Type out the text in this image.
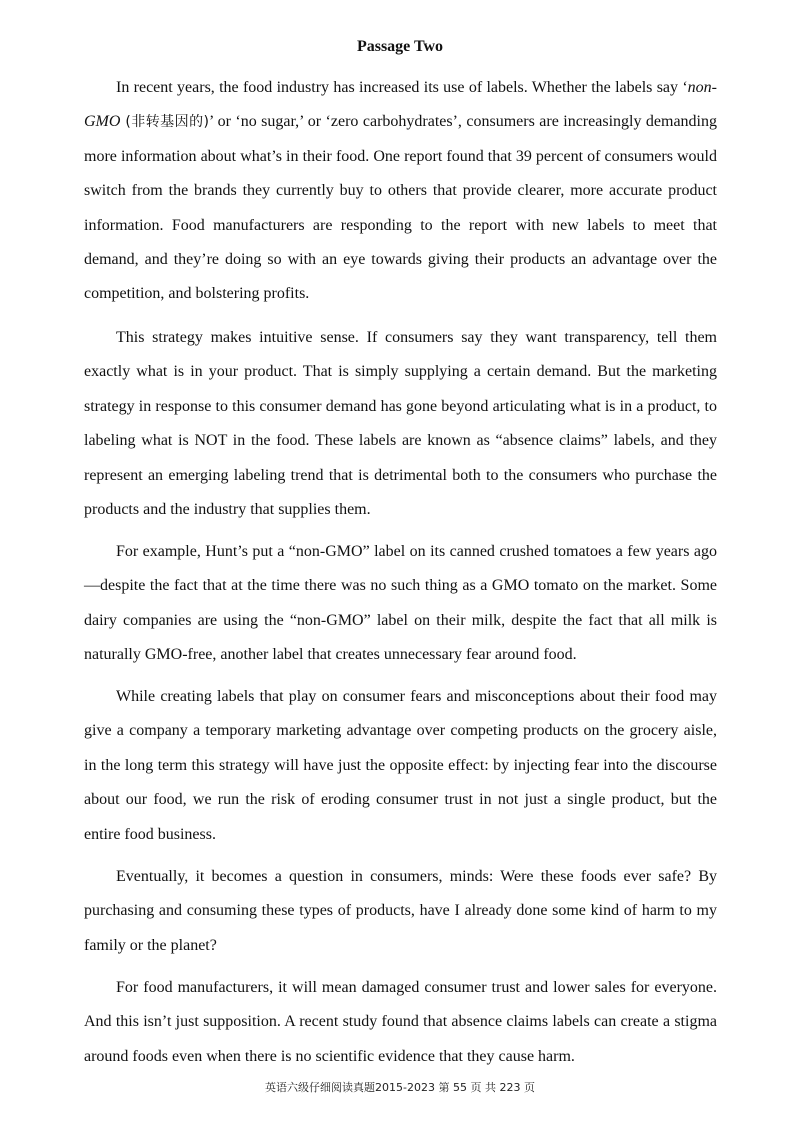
Passage Two

In recent years, the food industry has increased its use of labels. Whether the labels say ‘non-GMO (非转基因的)’ or ‘no sugar,’ or ‘zero carbohydrates’, consumers are increasingly demanding more information about what’s in their food. One report found that 39 percent of consumers would switch from the brands they currently buy to others that provide clearer, more accurate product information. Food manufacturers are responding to the report with new labels to meet that demand, and they’re doing so with an eye towards giving their products an advantage over the competition, and bolstering profits.

This strategy makes intuitive sense. If consumers say they want transparency, tell them exactly what is in your product. That is simply supplying a certain demand. But the marketing strategy in response to this consumer demand has gone beyond articulating what is in a product, to labeling what is NOT in the food. These labels are known as “absence claims” labels, and they represent an emerging labeling trend that is detrimental both to the consumers who purchase the products and the industry that supplies them.

For example, Hunt’s put a “non-GMO” label on its canned crushed tomatoes a few years ago—despite the fact that at the time there was no such thing as a GMO tomato on the market. Some dairy companies are using the “non-GMO” label on their milk, despite the fact that all milk is naturally GMO-free, another label that creates unnecessary fear around food.

While creating labels that play on consumer fears and misconceptions about their food may give a company a temporary marketing advantage over competing products on the grocery aisle, in the long term this strategy will have just the opposite effect: by injecting fear into the discourse about our food, we run the risk of eroding consumer trust in not just a single product, but the entire food business.

Eventually, it becomes a question in consumers, minds: Were these foods ever safe? By purchasing and consuming these types of products, have I already done some kind of harm to my family or the planet?

For food manufacturers, it will mean damaged consumer trust and lower sales for everyone. And this isn’t just supposition. A recent study found that absence claims labels can create a stigma around foods even when there is no scientific evidence that they cause harm.

英语六级仔细阅读真题2015-2023 第 55 页 共 223 页
